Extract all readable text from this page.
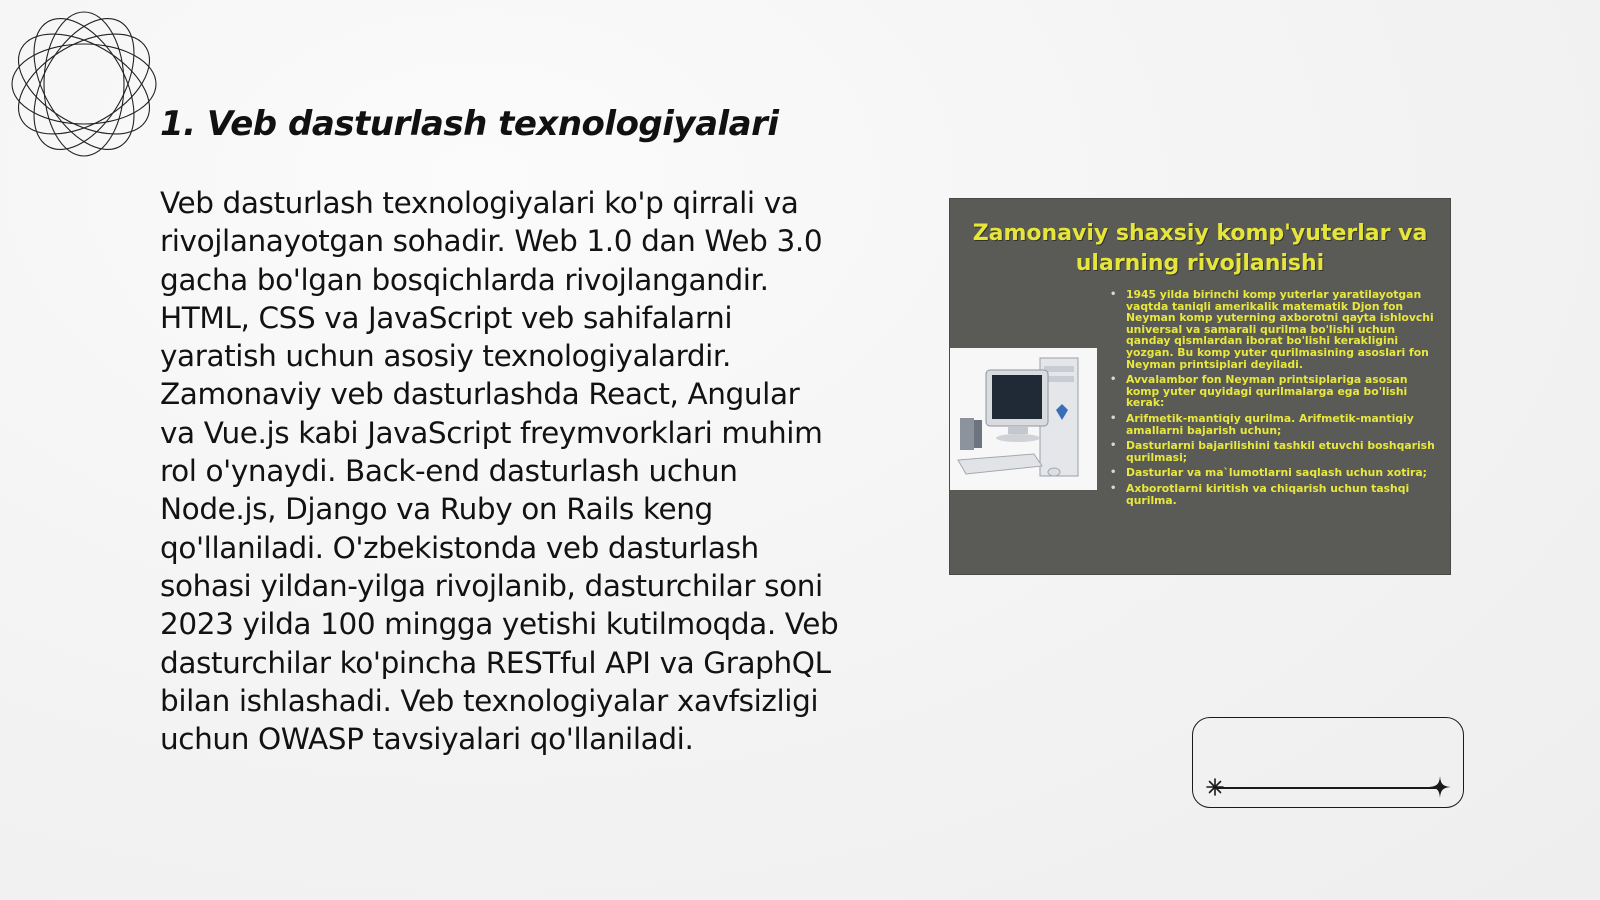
1. Veb dasturlash texnologiyalari

Veb dasturlash texnologiyalari ko'p qirrali va rivojlanayotgan sohadir. Web 1.0 dan Web 3.0 gacha bo'lgan bosqichlarda rivojlangandir. HTML, CSS va JavaScript veb sahifalarni yaratish uchun asosiy texnologiyalardir. Zamonaviy veb dasturlashda React, Angular va Vue.js kabi JavaScript freymvorklari muhim rol o'ynaydi. Back-end dasturlash uchun Node.js, Django va Ruby on Rails keng qo'llaniladi. O'zbekistonda veb dasturlash sohasi yildan-yilga rivojlanib, dasturchilar soni 2023 yilda 100 mingga yetishi kutilmoqda. Veb dasturchilar ko'pincha RESTful API va GraphQL bilan ishlashadi. Veb texnologiyalar xavfsizligi uchun OWASP tavsiyalari qo'llaniladi.

Zamonaviy shaxsiy komp'yuterlar va ularning rivojlanishi
• 1945 yilda birinchi komp yuterlar yaratilayotgan vaqtda taniqli amerikalik matematik Djon fon Neyman komp yuterning axborotni qayta ishlovchi universal va samarali qurilma bo'lishi uchun qanday qismlardan iborat bo'lishi kerakligini yozgan. Bu komp yuter qurilmasining asoslari fon Neyman printsiplari deyiladi.
• Avvalambor fon Neyman printsiplariga asosan komp yuter quyidagi qurilmalarga ega bo'lishi kerak:
• Arifmetik-mantiqiy qurilma. Arifmetik-mantiqiy amallarni bajarish uchun;
• Dasturlarni bajarilishini tashkil etuvchi boshqarish qurilmasi;
• Dasturlar va ma`lumotlarni saqlash uchun xotira;
• Axborotlarni kiritish va chiqarish uchun tashqi qurilma.
